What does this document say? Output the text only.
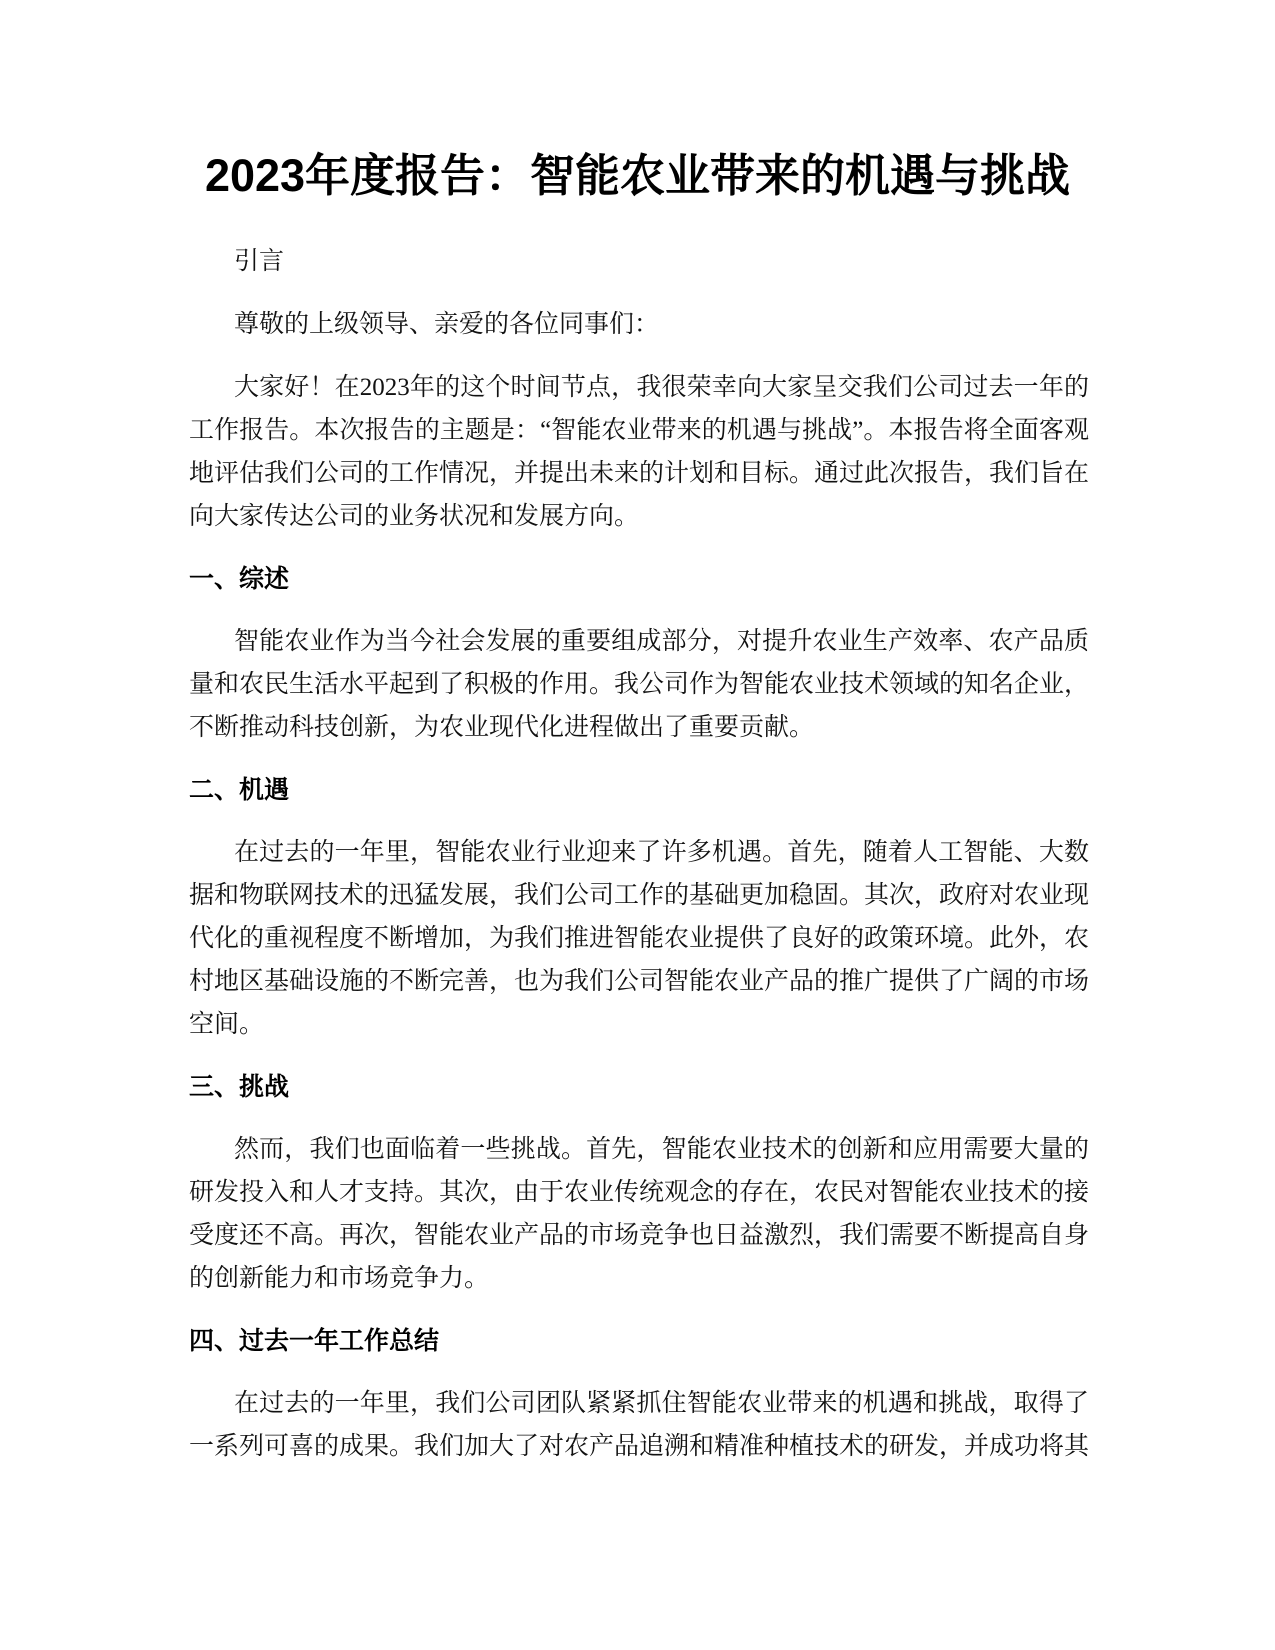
2023年度报告：智能农业带来的机遇与挑战

引言

尊敬的上级领导、亲爱的各位同事们：

大家好！在2023年的这个时间节点，我很荣幸向大家呈交我们公司过去一年的工作报告。本次报告的主题是：“智能农业带来的机遇与挑战”。本报告将全面客观地评估我们公司的工作情况，并提出未来的计划和目标。通过此次报告，我们旨在向大家传达公司的业务状况和发展方向。

一、综述

智能农业作为当今社会发展的重要组成部分，对提升农业生产效率、农产品质量和农民生活水平起到了积极的作用。我公司作为智能农业技术领域的知名企业，不断推动科技创新，为农业现代化进程做出了重要贡献。

二、机遇

在过去的一年里，智能农业行业迎来了许多机遇。首先，随着人工智能、大数据和物联网技术的迅猛发展，我们公司工作的基础更加稳固。其次，政府对农业现代化的重视程度不断增加，为我们推进智能农业提供了良好的政策环境。此外，农村地区基础设施的不断完善，也为我们公司智能农业产品的推广提供了广阔的市场空间。

三、挑战

然而，我们也面临着一些挑战。首先，智能农业技术的创新和应用需要大量的研发投入和人才支持。其次，由于农业传统观念的存在，农民对智能农业技术的接受度还不高。再次，智能农业产品的市场竞争也日益激烈，我们需要不断提高自身的创新能力和市场竞争力。

四、过去一年工作总结

在过去的一年里，我们公司团队紧紧抓住智能农业带来的机遇和挑战，取得了一系列可喜的成果。我们加大了对农产品追溯和精准种植技术的研发，并成功将其
